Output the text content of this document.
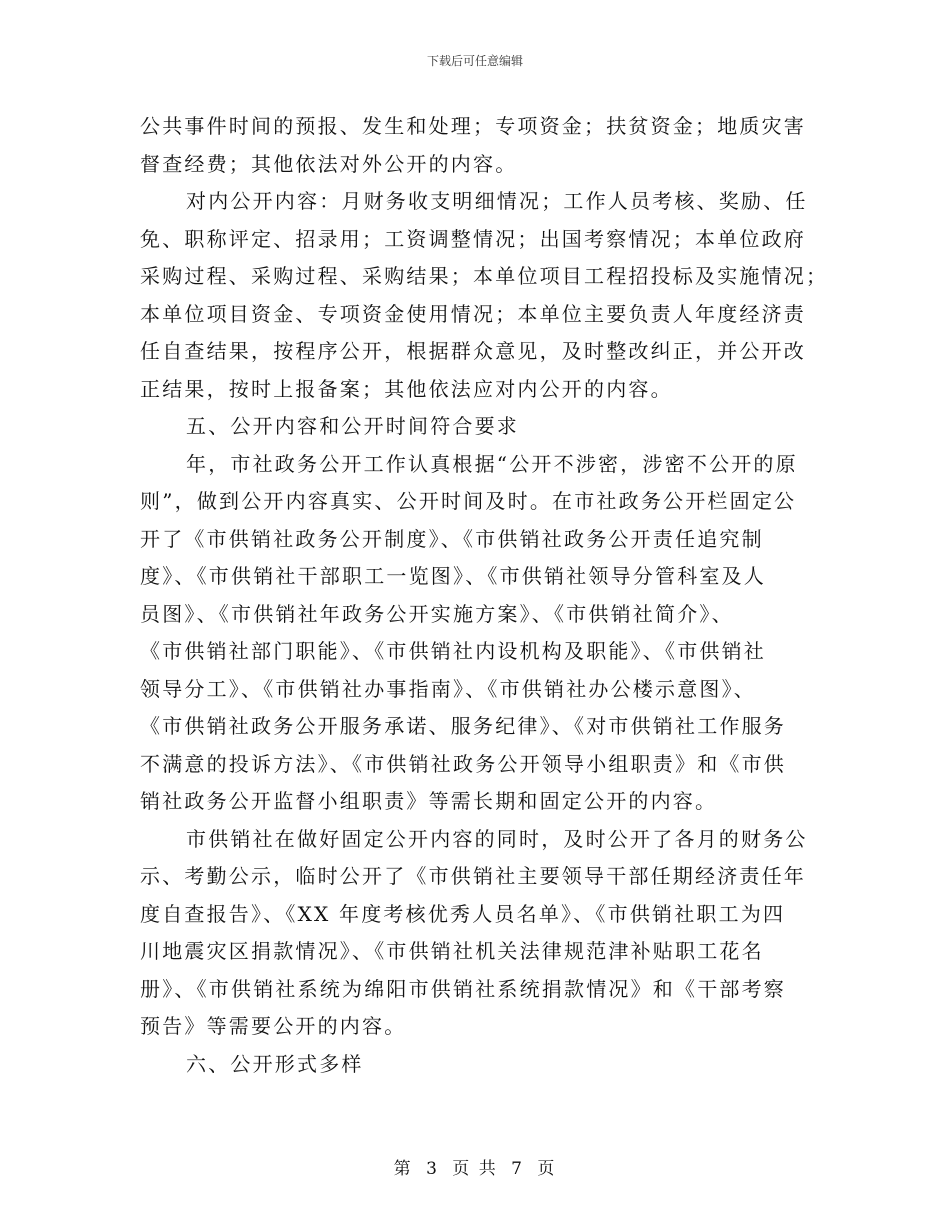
下载后可任意编辑
公共事件时间的预报、发生和处理；专项资金；扶贫资金；地质灾害
督查经费；其他依法对外公开的内容。
对内公开内容：月财务收支明细情况；工作人员考核、奖励、任
免、职称评定、招录用；工资调整情况；出国考察情况；本单位政府
采购过程、采购过程、采购结果；本单位项目工程招投标及实施情况；
本单位项目资金、专项资金使用情况；本单位主要负责人年度经济责
任自查结果，按程序公开，根据群众意见，及时整改纠正，并公开改
正结果，按时上报备案；其他依法应对内公开的内容。
五、公开内容和公开时间符合要求
年，市社政务公开工作认真根据“公开不涉密，涉密不公开的原
则”，做到公开内容真实、公开时间及时。在市社政务公开栏固定公
开了《市供销社政务公开制度》、《市供销社政务公开责任追究制
度》、《市供销社干部职工一览图》、《市供销社领导分管科室及人
员图》、《市供销社年政务公开实施方案》、《市供销社简介》、
《市供销社部门职能》、《市供销社内设机构及职能》、《市供销社
领导分工》、《市供销社办事指南》、《市供销社办公楼示意图》、
《市供销社政务公开服务承诺、服务纪律》、《对市供销社工作服务
不满意的投诉方法》、《市供销社政务公开领导小组职责》和《市供
销社政务公开监督小组职责》等需长期和固定公开的内容。
市供销社在做好固定公开内容的同时，及时公开了各月的财务公
示、考勤公示，临时公开了《市供销社主要领导干部任期经济责任年
度自查报告》、《XX 年度考核优秀人员名单》、《市供销社职工为四
川地震灾区捐款情况》、《市供销社机关法律规范津补贴职工花名
册》、《市供销社系统为绵阳市供销社系统捐款情况》和《干部考察
预告》等需要公开的内容。
六、公开形式多样
第 3 页 共 7 页
